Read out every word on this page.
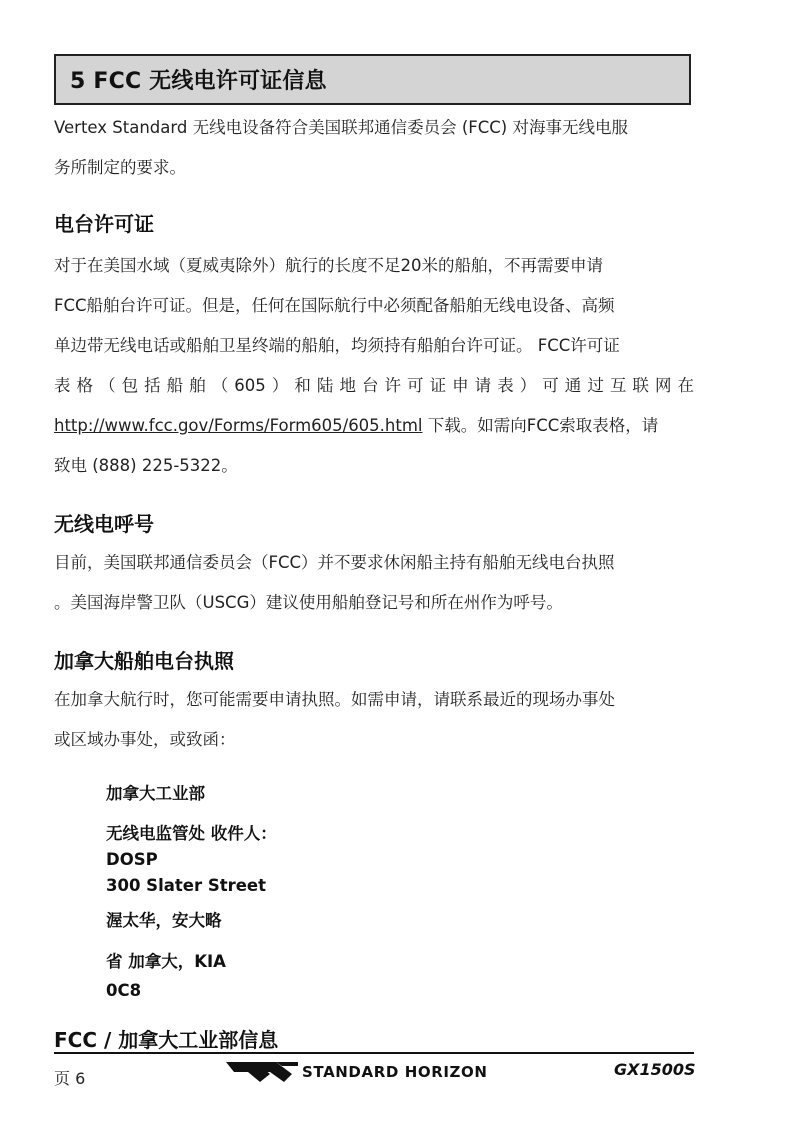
5 FCC 无线电许可证信息
Vertex Standard 无线电设备符合美国联邦通信委员会 (FCC) 对海事无线电服
务所制定的要求。
电台许可证
对于在美国水域（夏威夷除外）航行的长度不足20米的船舶，不再需要申请
FCC船舶台许可证。但是，任何在国际航行中必须配备船舶无线电设备、高频
单边带无线电话或船舶卫星终端的船舶，均须持有船舶台许可证。 FCC许可证
表格（包括船舶（605）和陆地台许可证申请表）可通过互联网在
http://www.fcc.gov/Forms/Form605/605.html 下载。如需向FCC索取表格，请
致电 (888) 225-5322。
无线电呼号
目前，美国联邦通信委员会（FCC）并不要求休闲船主持有船舶无线电台执照
。美国海岸警卫队（USCG）建议使用船舶登记号和所在州作为呼号。
加拿大船舶电台执照
在加拿大航行时，您可能需要申请执照。如需申请，请联系最近的现场办事处
或区域办事处，或致函：
加拿大工业部
无线电监管处 收件人：
DOSP
300 Slater Street
渥太华，安大略
省 加拿大，KIA
0C8
FCC / 加拿大工业部信息
页 6	STANDARD HORIZON	GX1500S
